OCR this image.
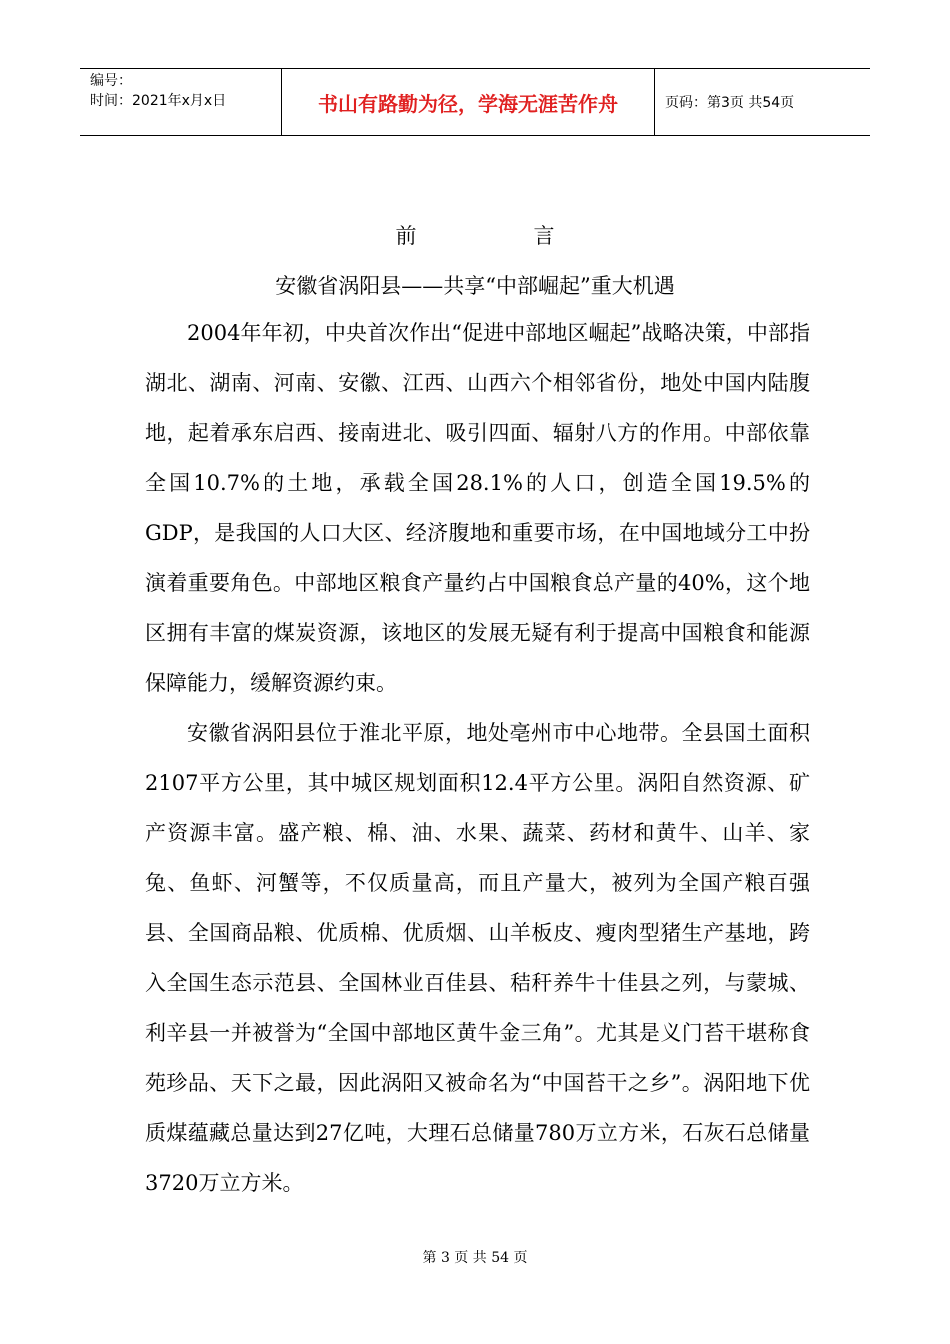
编号：
时间：2021年x月x日	书山有路勤为径，学海无涯苦作舟	页码：第3页 共54页
前　言
安徽省涡阳县——共享“中部崛起”重大机遇

2004年年初，中央首次作出“促进中部地区崛起”战略决策，中部指湖北、湖南、河南、安徽、江西、山西六个相邻省份，地处中国内陆腹地，起着承东启西、接南进北、吸引四面、辐射八方的作用。中部依靠全国10.7%的土地，承载全国28.1%的人口，创造全国19.5%的GDP，是我国的人口大区、经济腹地和重要市场，在中国地域分工中扮演着重要角色。中部地区粮食产量约占中国粮食总产量的40%，这个地区拥有丰富的煤炭资源，该地区的发展无疑有利于提高中国粮食和能源保障能力，缓解资源约束。

安徽省涡阳县位于淮北平原，地处亳州市中心地带。全县国土面积2107平方公里，其中城区规划面积12.4平方公里。涡阳自然资源、矿产资源丰富。盛产粮、棉、油、水果、蔬菜、药材和黄牛、山羊、家兔、鱼虾、河蟹等，不仅质量高，而且产量大，被列为全国产粮百强县、全国商品粮、优质棉、优质烟、山羊板皮、瘦肉型猪生产基地，跨入全国生态示范县、全国林业百佳县、秸秆养牛十佳县之列，与蒙城、利辛县一并被誉为“全国中部地区黄牛金三角”。尤其是义门苔干堪称食苑珍品、天下之最，因此涡阳又被命名为“中国苔干之乡”。涡阳地下优质煤蕴藏总量达到27亿吨，大理石总储量780万立方米，石灰石总储量3720万立方米。

第 3 页 共 54 页
